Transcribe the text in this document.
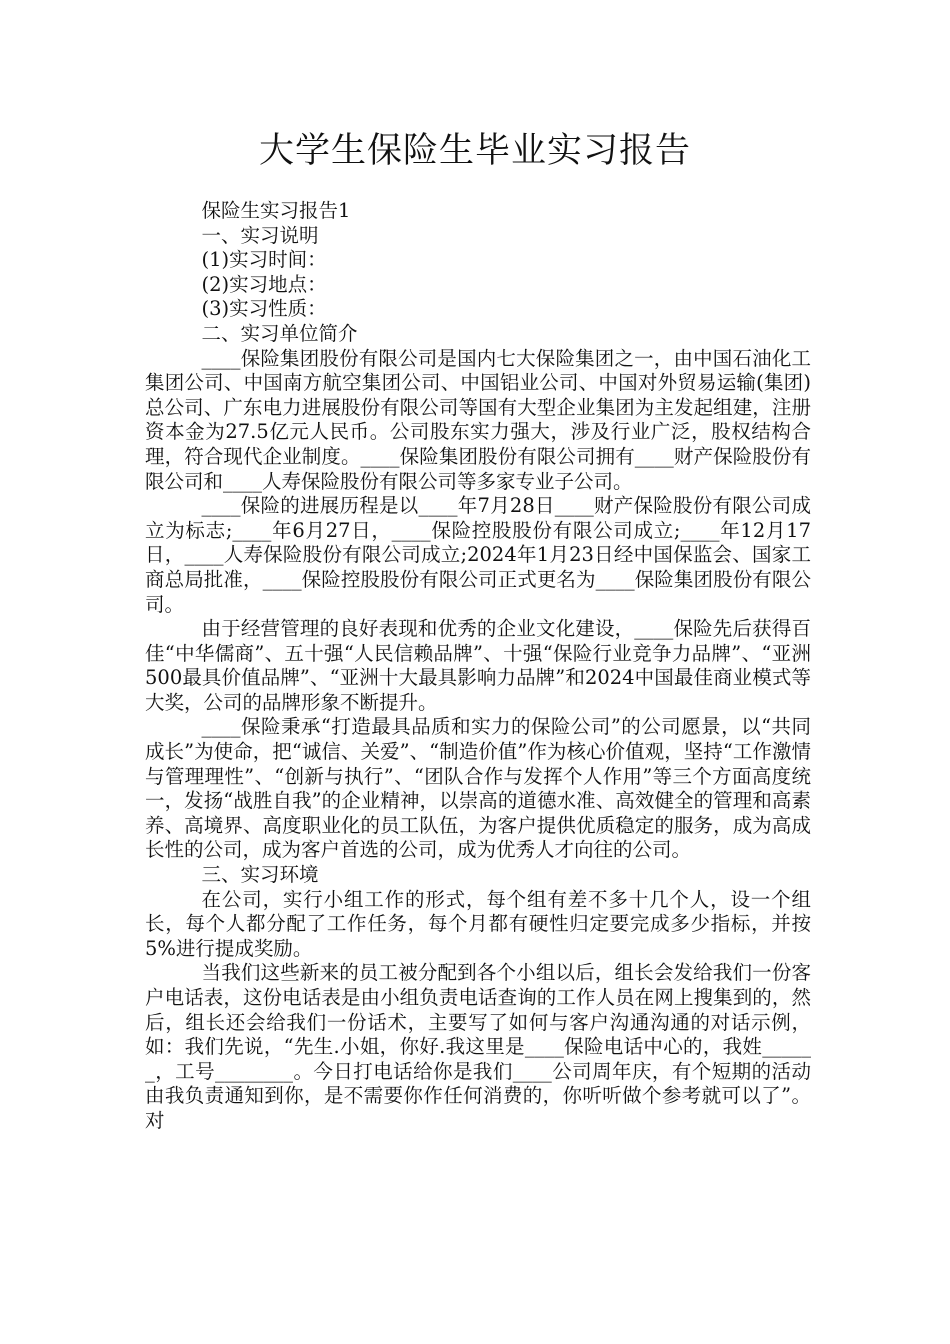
大学生保险生毕业实习报告

保险生实习报告1

一、实习说明

(1)实习时间：

(2)实习地点：

(3)实习性质：

二、实习单位简介

____保险集团股份有限公司是国内七大保险集团之一，由中国石油化工集团公司、中国南方航空集团公司、中国铝业公司、中国对外贸易运输(集团)总公司、广东电力进展股份有限公司等国有大型企业集团为主发起组建，注册资本金为27.5亿元人民币。公司股东实力强大，涉及行业广泛，股权结构合理，符合现代企业制度。____保险集团股份有限公司拥有____财产保险股份有限公司和____人寿保险股份有限公司等多家专业子公司。

____保险的进展历程是以____年7月28日____财产保险股份有限公司成立为标志;____年6月27日，____保险控股股份有限公司成立;____年12月17日，____人寿保险股份有限公司成立;2024年1月23日经中国保监会、国家工商总局批准，____保险控股股份有限公司正式更名为____保险集团股份有限公司。

由于经营管理的良好表现和优秀的企业文化建设，____保险先后获得百佳“中华儒商”、五十强“人民信赖品牌”、十强“保险行业竞争力品牌”、“亚洲500最具价值品牌”、“亚洲十大最具影响力品牌”和2024中国最佳商业模式等大奖，公司的品牌形象不断提升。

____保险秉承“打造最具品质和实力的保险公司”的公司愿景，以“共同成长”为使命，把“诚信、关爱”、“制造价值”作为核心价值观，坚持“工作激情与管理理性”、“创新与执行”、“团队合作与发挥个人作用”等三个方面高度统一，发扬“战胜自我”的企业精神，以崇高的道德水准、高效健全的管理和高素养、高境界、高度职业化的员工队伍，为客户提供优质稳定的服务，成为高成长性的公司，成为客户首选的公司，成为优秀人才向往的公司。

三、实习环境

在公司，实行小组工作的形式，每个组有差不多十几个人，设一个组长，每个人都分配了工作任务，每个月都有硬性归定要完成多少指标，并按5%进行提成奖励。

当我们这些新来的员工被分配到各个小组以后，组长会发给我们一份客户电话表，这份电话表是由小组负责电话查询的工作人员在网上搜集到的，然后，组长还会给我们一份话术，主要写了如何与客户沟通沟通的对话示例，如：我们先说，“先生.小姐，你好.我这里是____保险电话中心的，我姓______，工号________。今日打电话给你是我们____公司周年庆，有个短期的活动由我负责通知到你，是不需要你作任何消费的，你听听做个参考就可以了”。对
